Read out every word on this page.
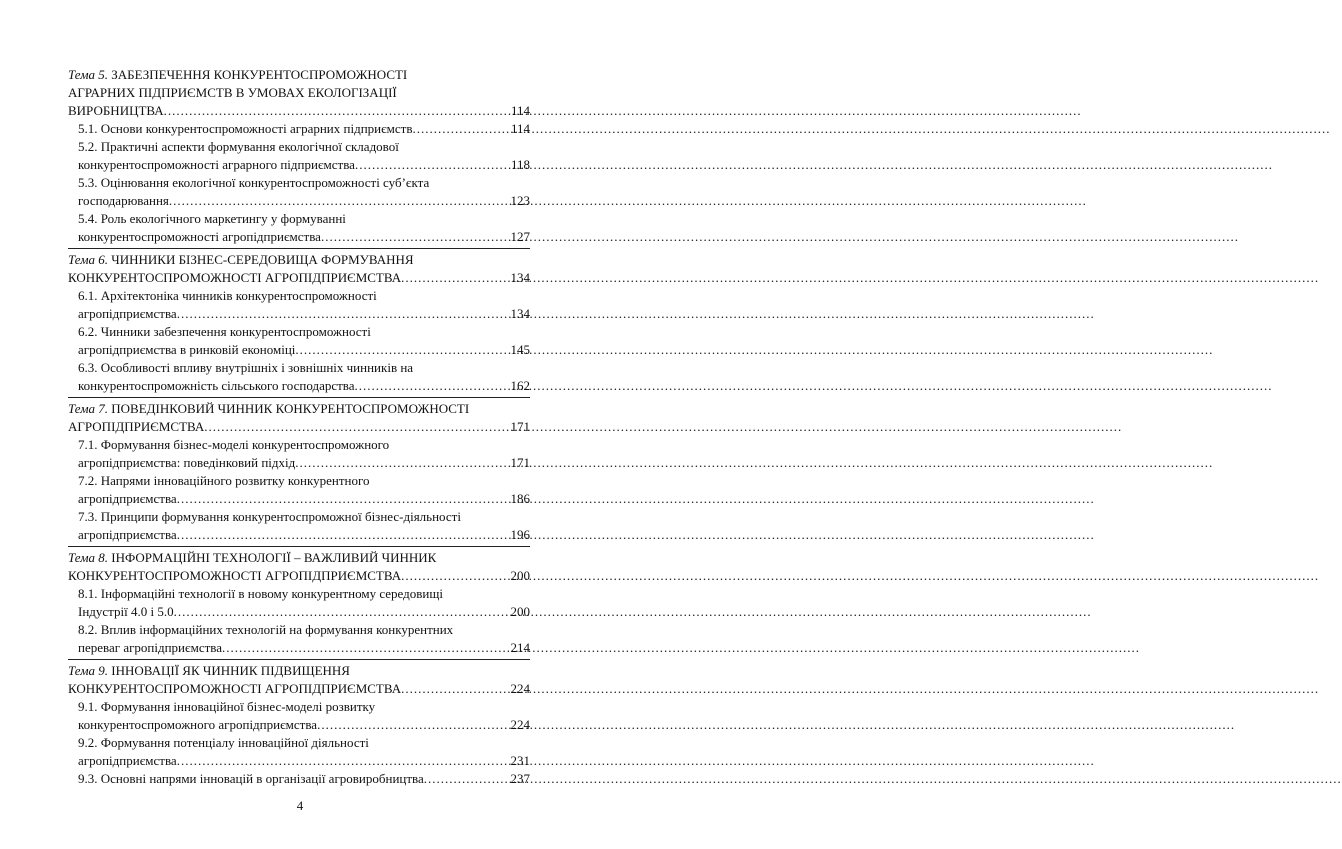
Тема 5. ЗАБЕЗПЕЧЕННЯ КОНКУРЕНТОСПРОМОЖНОСТІ
АГРАРНИХ ПІДПРИЄМСТВ В УМОВАХ ЕКОЛОГІЗАЦІЇ
ВИРОБНИЦТВА .....	114
5.1. Основи конкурентоспроможності аграрних підприємств .....	114
5.2. Практичні аспекти формування екологічної складової
конкурентоспроможності аграрного підприємства .....	118
5.3. Оцінювання екологічної конкурентоспроможності суб’єкта
господарювання .....	123
5.4. Роль екологічного маркетингу у формуванні
конкурентоспроможності агропідприємства .....	127
Тема 6. ЧИННИКИ БІЗНЕС-СЕРЕДОВИЩА ФОРМУВАННЯ
КОНКУРЕНТОСПРОМОЖНОСТІ АГРОПІДПРИЄМСТВА .....	134
6.1. Архітектоніка чинників конкурентоспроможності
агропідприємства .....	134
6.2. Чинники забезпечення конкурентоспроможності
агропідприємства в ринковій економіці .....	145
6.3. Особливості впливу внутрішніх і зовнішніх чинників на
конкурентоспроможність сільського господарства .....	162
Тема 7. ПОВЕДІНКОВИЙ ЧИННИК КОНКУРЕНТОСПРОМОЖНОСТІ
АГРОПІДПРИЄМСТВА .....	171
7.1. Формування бізнес-моделі конкурентоспроможного
агропідприємства: поведінковий підхід .....	171
7.2. Напрями інноваційного розвитку конкурентного
агропідприємства .....	186
7.3. Принципи формування конкурентоспроможної бізнес-діяльності
агропідприємства .....	196
Тема 8. ІНФОРМАЦІЙНІ ТЕХНОЛОГІЇ – ВАЖЛИВИЙ ЧИННИК
КОНКУРЕНТОСПРОМОЖНОСТІ АГРОПІДПРИЄМСТВА .....	200
8.1. Інформаційні технології в новому конкурентному середовищі
Індустрії 4.0 і 5.0 .....	200
8.2. Вплив інформаційних технологій на формування конкурентних
переваг агропідприємства .....	214
Тема 9. ІННОВАЦІЇ ЯК ЧИННИК ПІДВИЩЕННЯ
КОНКУРЕНТОСПРОМОЖНОСТІ АГРОПІДПРИЄМСТВА .....	224
9.1. Формування інноваційної бізнес-моделі розвитку
конкурентоспроможного агропідприємства .....	224
9.2. Формування потенціалу інноваційної діяльності
агропідприємства .....	231
9.3. Основні напрями інновацій в організації агровиробництва .....	237
4
